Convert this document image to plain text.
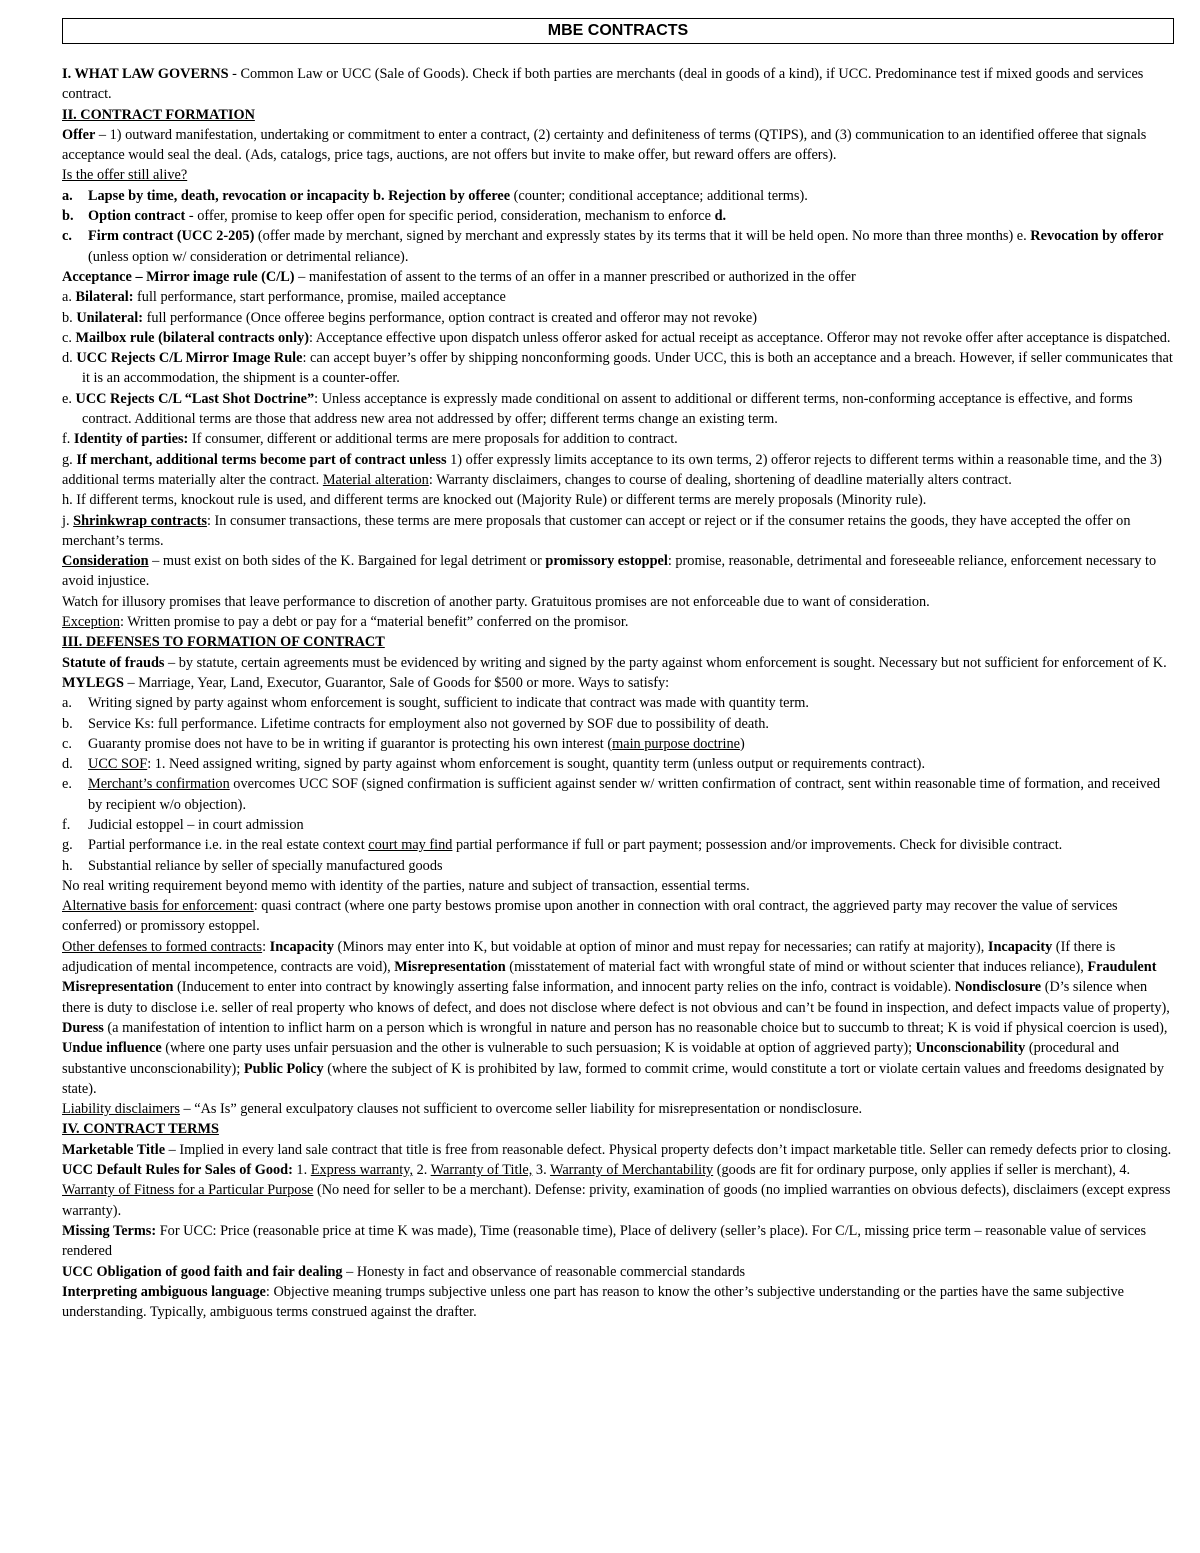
MBE CONTRACTS

I. WHAT LAW GOVERNS - Common Law or UCC (Sale of Goods). Check if both parties are merchants (deal in goods of a kind), if UCC. Predominance test if mixed goods and services contract.

II. CONTRACT FORMATION

Offer – 1) outward manifestation, undertaking or commitment to enter a contract, (2) certainty and definiteness of terms (QTIPS), and (3) communication to an identified offeree that signals acceptance would seal the deal. (Ads, catalogs, price tags, auctions, are not offers but invite to make offer, but reward offers are offers).

Is the offer still alive?

a. Lapse by time, death, revocation or incapacity b. Rejection by offeree (counter; conditional acceptance; additional terms).

b. Option contract - offer, promise to keep offer open for specific period, consideration, mechanism to enforce d.

c. Firm contract (UCC 2-205) (offer made by merchant, signed by merchant and expressly states by its terms that it will be held open. No more than three months) e. Revocation by offeror (unless option w/ consideration or detrimental reliance).

Acceptance – Mirror image rule (C/L) – manifestation of assent to the terms of an offer in a manner prescribed or authorized in the offer

a. Bilateral: full performance, start performance, promise, mailed acceptance

b. Unilateral: full performance (Once offeree begins performance, option contract is created and offeror may not revoke)

c. Mailbox rule (bilateral contracts only): Acceptance effective upon dispatch unless offeror asked for actual receipt as acceptance. Offeror may not revoke offer after acceptance is dispatched.

d. UCC Rejects C/L Mirror Image Rule: can accept buyer’s offer by shipping nonconforming goods. Under UCC, this is both an acceptance and a breach. However, if seller communicates that it is an accommodation, the shipment is a counter-offer.

e. UCC Rejects C/L “Last Shot Doctrine”: Unless acceptance is expressly made conditional on assent to additional or different terms, non-conforming acceptance is effective, and forms contract. Additional terms are those that address new area not addressed by offer; different terms change an existing term.

f. Identity of parties: If consumer, different or additional terms are mere proposals for addition to contract.

g. If merchant, additional terms become part of contract unless 1) offer expressly limits acceptance to its own terms, 2) offeror rejects to different terms within a reasonable time, and the 3) additional terms materially alter the contract. Material alteration: Warranty disclaimers, changes to course of dealing, shortening of deadline materially alters contract.

h. If different terms, knockout rule is used, and different terms are knocked out (Majority Rule) or different terms are merely proposals (Minority rule).

j. Shrinkwrap contracts: In consumer transactions, these terms are mere proposals that customer can accept or reject or if the consumer retains the goods, they have accepted the offer on merchant’s terms.

Consideration – must exist on both sides of the K. Bargained for legal detriment or promissory estoppel: promise, reasonable, detrimental and foreseeable reliance, enforcement necessary to avoid injustice.

Watch for illusory promises that leave performance to discretion of another party. Gratuitous promises are not enforceable due to want of consideration.

Exception: Written promise to pay a debt or pay for a “material benefit” conferred on the promisor.

III. DEFENSES TO FORMATION OF CONTRACT

Statute of frauds – by statute, certain agreements must be evidenced by writing and signed by the party against whom enforcement is sought. Necessary but not sufficient for enforcement of K. MYLEGS – Marriage, Year, Land, Executor, Guarantor, Sale of Goods for $500 or more. Ways to satisfy:

a. Writing signed by party against whom enforcement is sought, sufficient to indicate that contract was made with quantity term.

b. Service Ks: full performance. Lifetime contracts for employment also not governed by SOF due to possibility of death.

c. Guaranty promise does not have to be in writing if guarantor is protecting his own interest (main purpose doctrine)

d. UCC SOF: 1. Need assigned writing, signed by party against whom enforcement is sought, quantity term (unless output or requirements contract).

e. Merchant’s confirmation overcomes UCC SOF (signed confirmation is sufficient against sender w/ written confirmation of contract, sent within reasonable time of formation, and received by recipient w/o objection).

f. Judicial estoppel – in court admission

g. Partial performance i.e. in the real estate context court may find partial performance if full or part payment; possession and/or improvements. Check for divisible contract.

h. Substantial reliance by seller of specially manufactured goods

No real writing requirement beyond memo with identity of the parties, nature and subject of transaction, essential terms.

Alternative basis for enforcement: quasi contract (where one party bestows promise upon another in connection with oral contract, the aggrieved party may recover the value of services conferred) or promissory estoppel.

Other defenses to formed contracts: Incapacity (Minors may enter into K, but voidable at option of minor and must repay for necessaries; can ratify at majority), Incapacity (If there is adjudication of mental incompetence, contracts are void), Misrepresentation (misstatement of material fact with wrongful state of mind or without scienter that induces reliance), Fraudulent Misrepresentation (Inducement to enter into contract by knowingly asserting false information, and innocent party relies on the info, contract is voidable). Nondisclosure (D’s silence when there is duty to disclose i.e. seller of real property who knows of defect, and does not disclose where defect is not obvious and can’t be found in inspection, and defect impacts value of property), Duress (a manifestation of intention to inflict harm on a person which is wrongful in nature and person has no reasonable choice but to succumb to threat; K is void if physical coercion is used), Undue influence (where one party uses unfair persuasion and the other is vulnerable to such persuasion; K is voidable at option of aggrieved party); Unconscionability (procedural and substantive unconscionability); Public Policy (where the subject of K is prohibited by law, formed to commit crime, would constitute a tort or violate certain values and freedoms designated by state).

Liability disclaimers – “As Is” general exculpatory clauses not sufficient to overcome seller liability for misrepresentation or nondisclosure.

IV. CONTRACT TERMS

Marketable Title – Implied in every land sale contract that title is free from reasonable defect. Physical property defects don’t impact marketable title. Seller can remedy defects prior to closing.

UCC Default Rules for Sales of Good: 1. Express warranty, 2. Warranty of Title, 3. Warranty of Merchantability (goods are fit for ordinary purpose, only applies if seller is merchant), 4. Warranty of Fitness for a Particular Purpose (No need for seller to be a merchant). Defense: privity, examination of goods (no implied warranties on obvious defects), disclaimers (except express warranty).

Missing Terms: For UCC: Price (reasonable price at time K was made), Time (reasonable time), Place of delivery (seller’s place). For C/L, missing price term – reasonable value of services rendered

UCC Obligation of good faith and fair dealing – Honesty in fact and observance of reasonable commercial standards

Interpreting ambiguous language: Objective meaning trumps subjective unless one part has reason to know the other’s subjective understanding or the parties have the same subjective understanding. Typically, ambiguous terms construed against the drafter.
